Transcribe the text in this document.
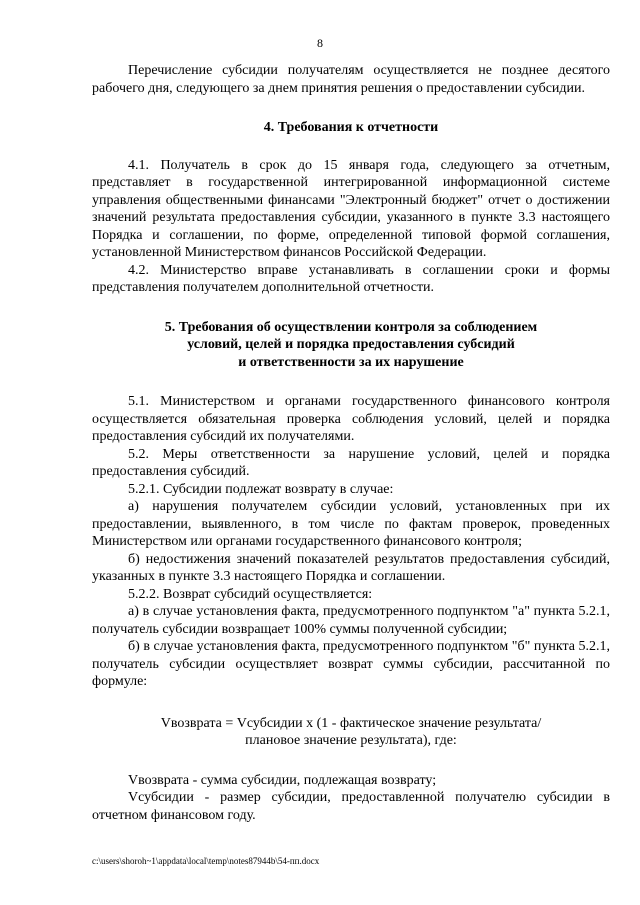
8

Перечисление субсидии получателям осуществляется не позднее десятого рабочего дня, следующего за днем принятия решения о предоставлении субсидии.

4. Требования к отчетности

4.1. Получатель в срок до 15 января года, следующего за отчетным, представляет в государственной интегрированной информационной системе управления общественными финансами "Электронный бюджет" отчет о достижении значений результата предоставления субсидии, указанного в пункте 3.3 настоящего Порядка и соглашении, по форме, определенной типовой формой соглашения, установленной Министерством финансов Российской Федерации.

4.2. Министерство вправе устанавливать в соглашении сроки и формы представления получателем дополнительной отчетности.

5. Требования об осуществлении контроля за соблюдением
условий, целей и порядка предоставления субсидий
и ответственности за их нарушение

5.1. Министерством и органами государственного финансового контроля осуществляется обязательная проверка соблюдения условий, целей и порядка предоставления субсидий их получателями.

5.2. Меры ответственности за нарушение условий, целей и порядка предоставления субсидий.

5.2.1. Субсидии подлежат возврату в случае:

а) нарушения получателем субсидии условий, установленных при их предоставлении, выявленного, в том числе по фактам проверок, проведенных Министерством или органами государственного финансового контроля;

б) недостижения значений показателей результатов предоставления субсидий, указанных в пункте 3.3 настоящего Порядка и соглашении.

5.2.2. Возврат субсидий осуществляется:

а) в случае установления факта, предусмотренного подпунктом "а" пункта 5.2.1, получатель субсидии возвращает 100% суммы полученной субсидии;

б) в случае установления факта, предусмотренного подпунктом "б" пункта 5.2.1, получатель субсидии осуществляет возврат суммы субсидии, рассчитанной по формуле:

Vвозврата = Vсубсидии x (1 - фактическое значение результата/
плановое значение результата), где:

Vвозврата - сумма субсидии, подлежащая возврату;

Vсубсидии - размер субсидии, предоставленной получателю субсидии в отчетном финансовом году.

c:\users\shoroh~1\appdata\local\temp\notes87944b\54-пп.docx
